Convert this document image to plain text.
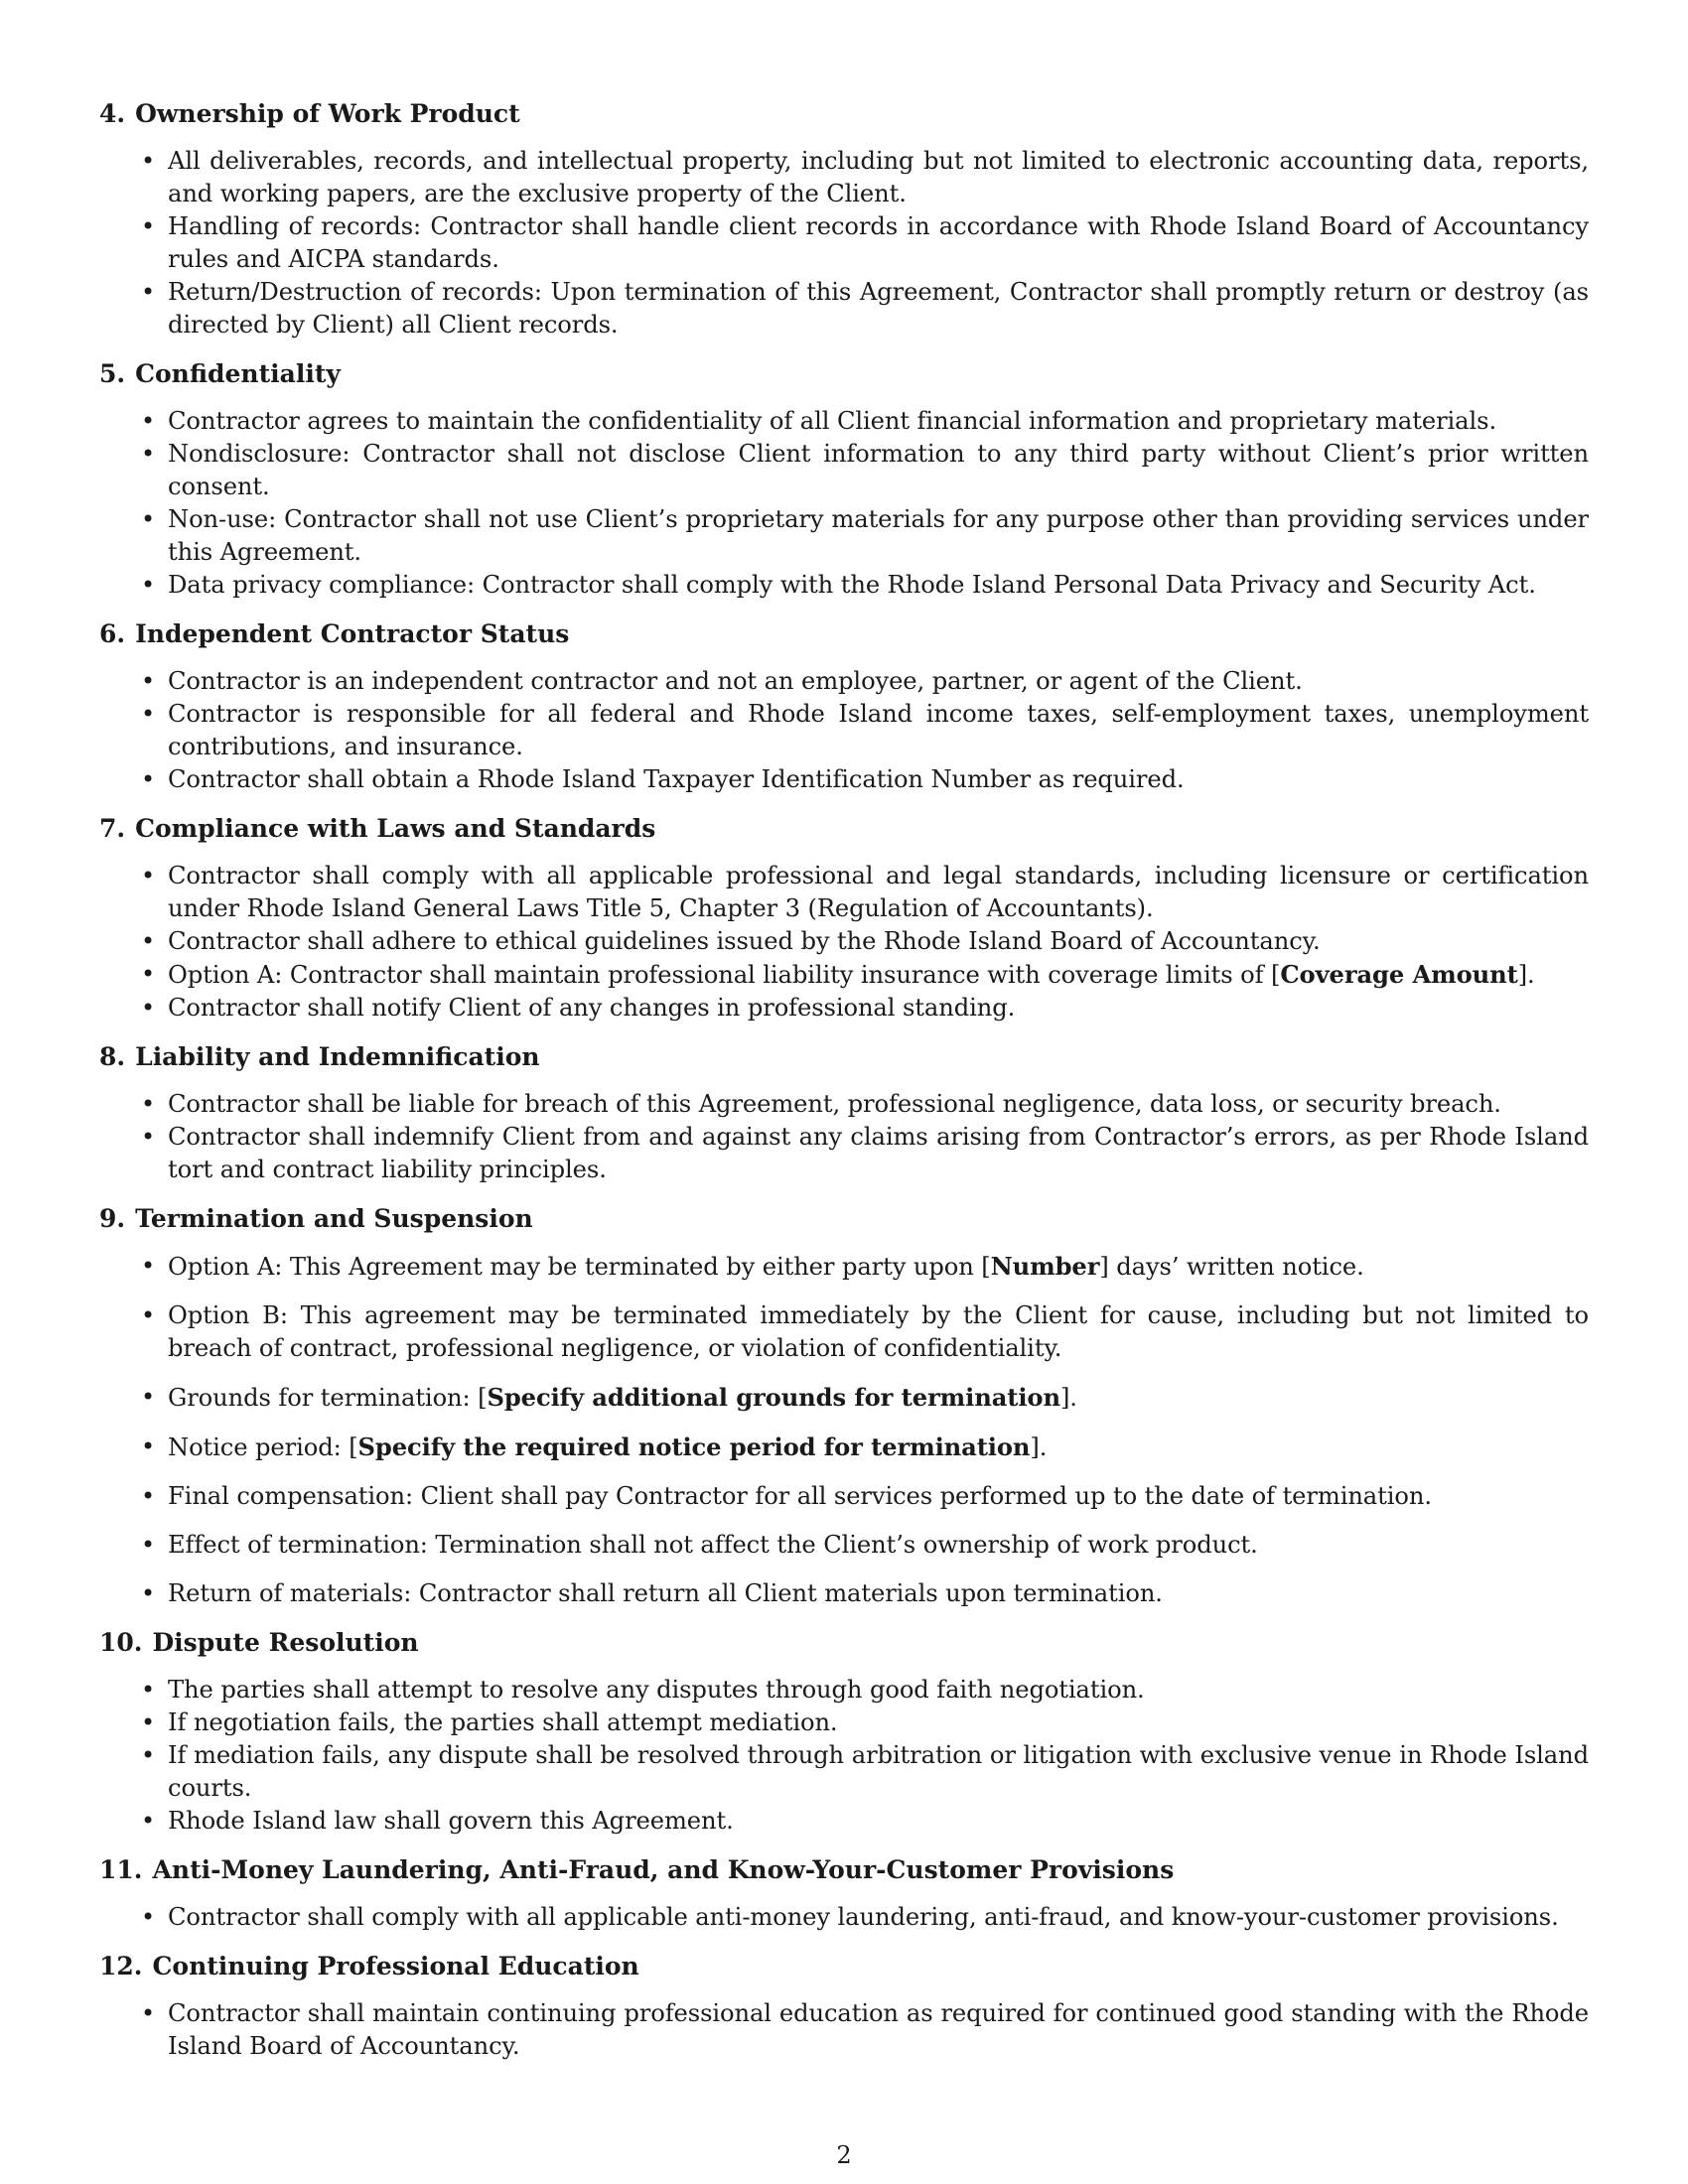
4. Ownership of Work Product
• All deliverables, records, and intellectual property, including but not limited to electronic accounting data, reports, and working papers, are the exclusive property of the Client.
• Handling of records: Contractor shall handle client records in accordance with Rhode Island Board of Accountancy rules and AICPA standards.
• Return/Destruction of records: Upon termination of this Agreement, Contractor shall promptly return or destroy (as directed by Client) all Client records.
5. Confidentiality
• Contractor agrees to maintain the confidentiality of all Client financial information and proprietary materials.
• Nondisclosure: Contractor shall not disclose Client information to any third party without Client’s prior written consent.
• Non-use: Contractor shall not use Client’s proprietary materials for any purpose other than providing services under this Agreement.
• Data privacy compliance: Contractor shall comply with the Rhode Island Personal Data Privacy and Security Act.
6. Independent Contractor Status
• Contractor is an independent contractor and not an employee, partner, or agent of the Client.
• Contractor is responsible for all federal and Rhode Island income taxes, self-employment taxes, unemployment contributions, and insurance.
• Contractor shall obtain a Rhode Island Taxpayer Identification Number as required.
7. Compliance with Laws and Standards
• Contractor shall comply with all applicable professional and legal standards, including licensure or certification under Rhode Island General Laws Title 5, Chapter 3 (Regulation of Accountants).
• Contractor shall adhere to ethical guidelines issued by the Rhode Island Board of Accountancy.
• Option A: Contractor shall maintain professional liability insurance with coverage limits of [Coverage Amount].
• Contractor shall notify Client of any changes in professional standing.
8. Liability and Indemnification
• Contractor shall be liable for breach of this Agreement, professional negligence, data loss, or security breach.
• Contractor shall indemnify Client from and against any claims arising from Contractor’s errors, as per Rhode Island tort and contract liability principles.
9. Termination and Suspension
• Option A: This Agreement may be terminated by either party upon [Number] days’ written notice.
• Option B: This agreement may be terminated immediately by the Client for cause, including but not limited to breach of contract, professional negligence, or violation of confidentiality.
• Grounds for termination: [Specify additional grounds for termination].
• Notice period: [Specify the required notice period for termination].
• Final compensation: Client shall pay Contractor for all services performed up to the date of termination.
• Effect of termination: Termination shall not affect the Client’s ownership of work product.
• Return of materials: Contractor shall return all Client materials upon termination.
10. Dispute Resolution
• The parties shall attempt to resolve any disputes through good faith negotiation.
• If negotiation fails, the parties shall attempt mediation.
• If mediation fails, any dispute shall be resolved through arbitration or litigation with exclusive venue in Rhode Island courts.
• Rhode Island law shall govern this Agreement.
11. Anti-Money Laundering, Anti-Fraud, and Know-Your-Customer Provisions
• Contractor shall comply with all applicable anti-money laundering, anti-fraud, and know-your-customer provisions.
12. Continuing Professional Education
• Contractor shall maintain continuing professional education as required for continued good standing with the Rhode Island Board of Accountancy.
2
